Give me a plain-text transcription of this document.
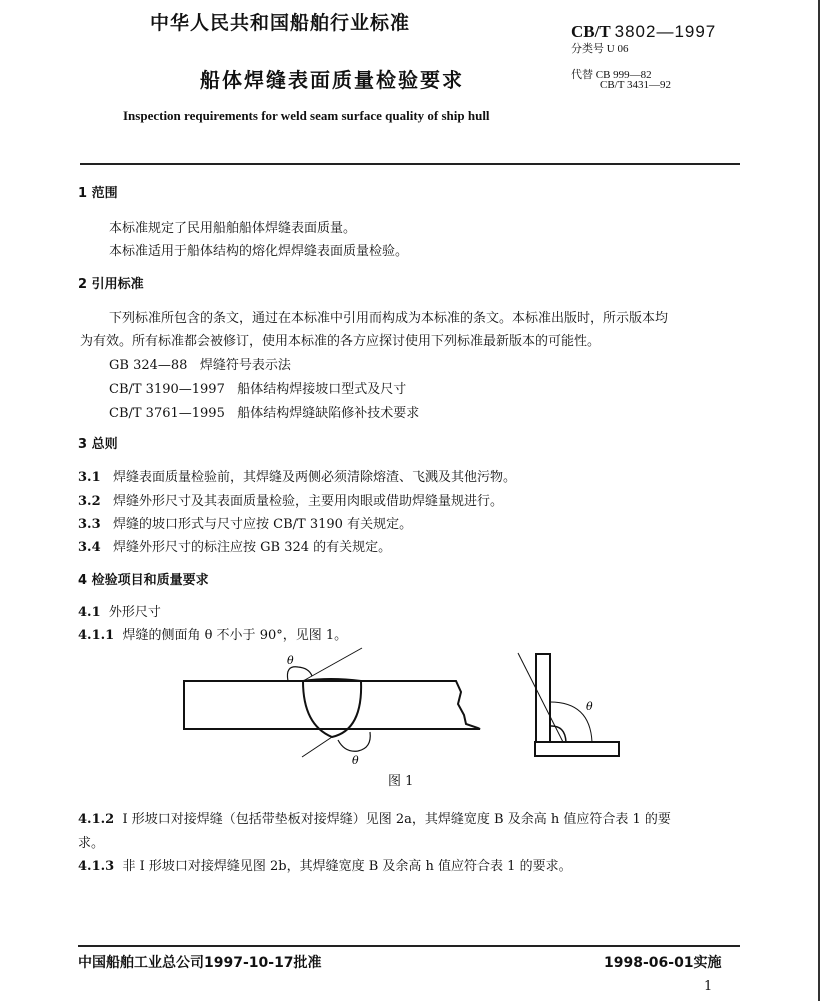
中华人民共和国船舶行业标准	CB/T 3802—1997
分类号 U 06
代替 CB 999—82
CB/T 3431—92
船体焊缝表面质量检验要求
Inspection requirements for weld seam surface quality of ship hull
1 范围
本标准规定了民用船舶船体焊缝表面质量。
本标准适用于船体结构的熔化焊焊缝表面质量检验。
2 引用标准
下列标准所包含的条文，通过在本标准中引用而构成为本标准的条文。本标准出版时，所示版本均
为有效。所有标准都会被修订，使用本标准的各方应探讨使用下列标准最新版本的可能性。
GB 324—88 焊缝符号表示法
CB/T 3190—1997 船体结构焊接坡口型式及尺寸
CB/T 3761—1995 船体结构焊缝缺陷修补技术要求
3 总则
3.1 焊缝表面质量检验前，其焊缝及两侧必须清除熔渣、飞溅及其他污物。
3.2 焊缝外形尺寸及其表面质量检验，主要用肉眼或借助焊缝量规进行。
3.3 焊缝的坡口形式与尺寸应按 CB/T 3190 有关规定。
3.4 焊缝外形尺寸的标注应按 GB 324 的有关规定。
4 检验项目和质量要求
4.1 外形尺寸
4.1.1 焊缝的侧面角 θ 不小于 90°，见图 1。
θ
θ
θ
图 1
4.1.2 I 形坡口对接焊缝（包括带垫板对接焊缝）见图 2a，其焊缝宽度 B 及余高 h 值应符合表 1 的要
求。
4.1.3 非 I 形坡口对接焊缝见图 2b，其焊缝宽度 B 及余高 h 值应符合表 1 的要求。
中国船舶工业总公司1997-10-17批准	1998-06-01实施
1
